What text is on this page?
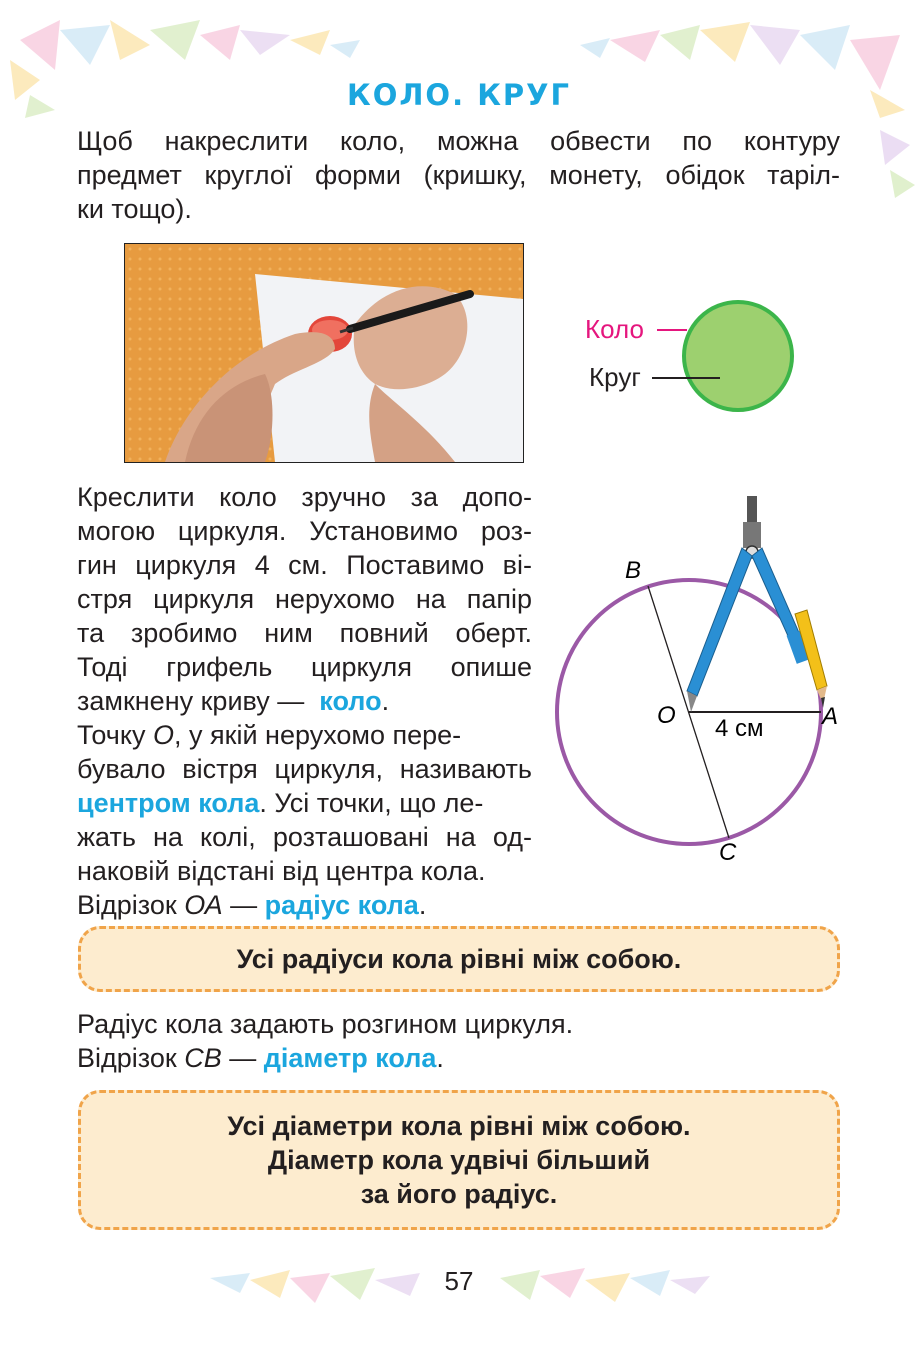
КОЛО. КРУГ
Щоб накреслити коло, можна обвести по контуру
предмет круглої форми (кришку, монету, обідок таріл-
ки тощо).
Коло
Круг
Креслити коло зручно за допо-
могою циркуля. Установимо роз-
гин циркуля 4 см. Поставимо ві-
стря циркуля нерухомо на папір
та зробимо ним повний оберт.
Тоді грифель циркуля опише
замкнену криву — коло.
Точку О, у якій нерухомо пере-
бувало вістря циркуля, називають
центром кола. Усі точки, що ле-
жать на колі, розташовані на од-
наковій відстані від центра кола.
Відрізок ОА — радіус кола.
B
O	A
C
4 см
Усі радіуси кола рівні між собою.
Радіус кола задають розгином циркуля.
Відрізок СВ — діаметр кола.
Усі діаметри кола рівні між собою.
Діаметр кола удвічі більший
за його радіус.
57
